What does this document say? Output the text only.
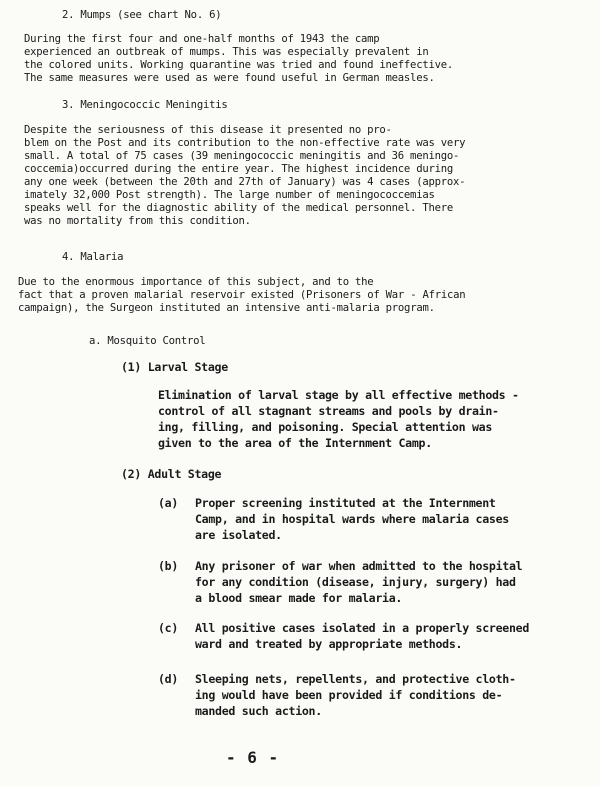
2. Mumps (see chart No. 6)
During the first four and one-half months of 1943 the camp
experienced an outbreak of mumps. This was especially prevalent in
the colored units. Working quarantine was tried and found ineffective.
The same measures were used as were found useful in German measles.
3. Meningococcic Meningitis
Despite the seriousness of this disease it presented no pro-
blem on the Post and its contribution to the non-effective rate was very
small. A total of 75 cases (39 meningococcic meningitis and 36 meningo-
coccemia)occurred during the entire year. The highest incidence during
any one week (between the 20th and 27th of January) was 4 cases (approx-
imately 32,000 Post strength). The large number of meningococcemias
speaks well for the diagnostic ability of the medical personnel. There
was no mortality from this condition.
4. Malaria
Due to the enormous importance of this subject, and to the
fact that a proven malarial reservoir existed (Prisoners of War - African
campaign), the Surgeon instituted an intensive anti-malaria program.
a. Mosquito Control
(1) Larval Stage
Elimination of larval stage by all effective methods -
control of all stagnant streams and pools by drain-
ing, filling, and poisoning. Special attention was
given to the area of the Internment Camp.
(2) Adult Stage
(a) Proper screening instituted at the Internment
Camp, and in hospital wards where malaria cases
are isolated.
(b) Any prisoner of war when admitted to the hospital
for any condition (disease, injury, surgery) had
a blood smear made for malaria.
(c) All positive cases isolated in a properly screened
ward and treated by appropriate methods.
(d) Sleeping nets, repellents, and protective cloth-
ing would have been provided if conditions de-
manded such action.
- 6 -
